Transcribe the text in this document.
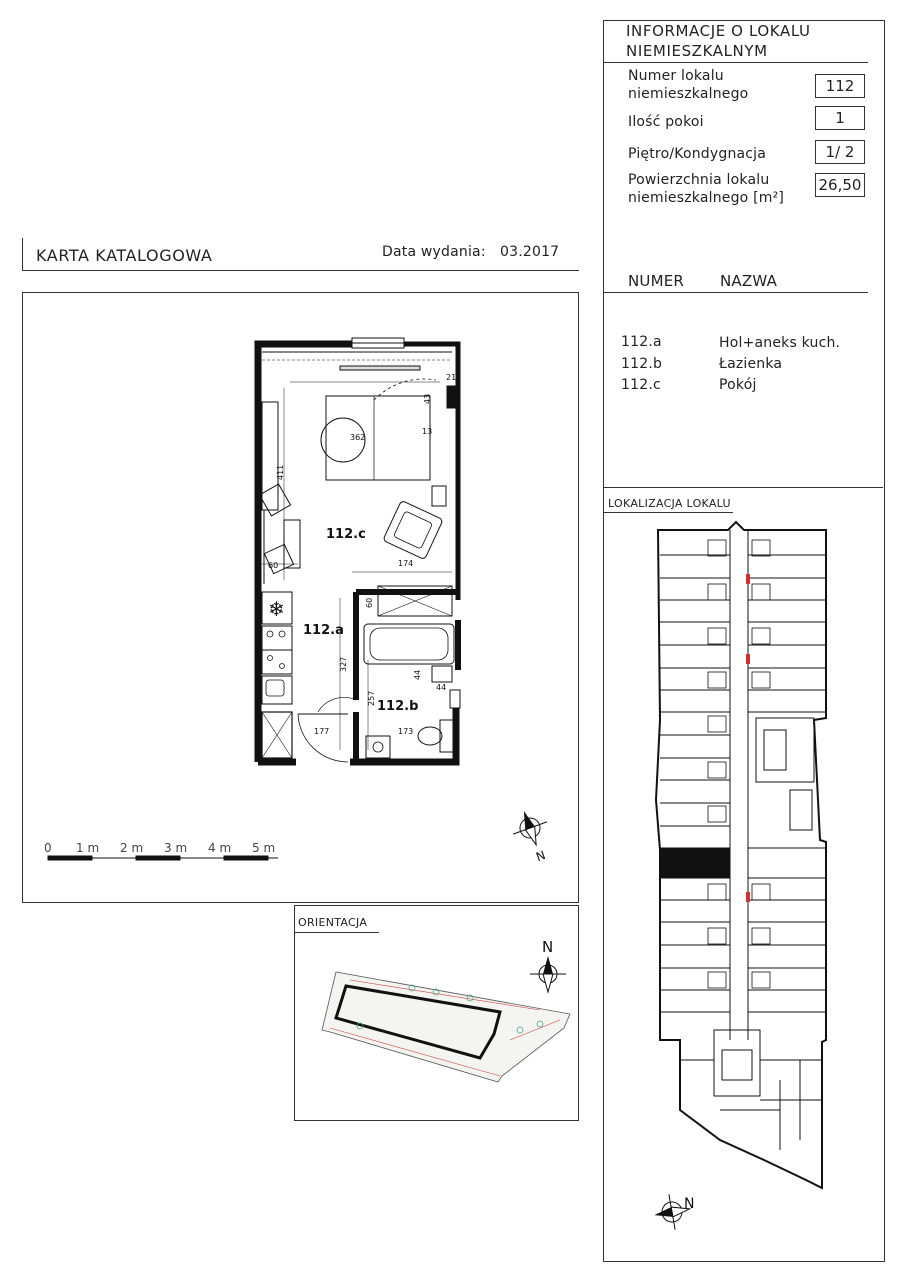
INFORMACJE O LOKALU
NIEMIESZKALNYM
Numer lokalu
niemieszkalnego	112
Ilość pokoi	1
Piętro/Kondygnacja	1/ 2
Powierzchnia lokalu
niemieszkalnego [m²]
26,50
NUMER NAZWA
112.a	Hol+aneks kuch.
112.b	Łazienka
112.c	Pokój
LOKALIZACJA LOKALU
KARTA KATALOGOWA	Data wydania: 03.2017
ORIENTACJA
❄
112.c
112.a
112.b
362
411
21
43
13
60	174
60
327
44
44
257
177	173
0 1 m 2 m 3 m 4 m 5 m	N
N
N
